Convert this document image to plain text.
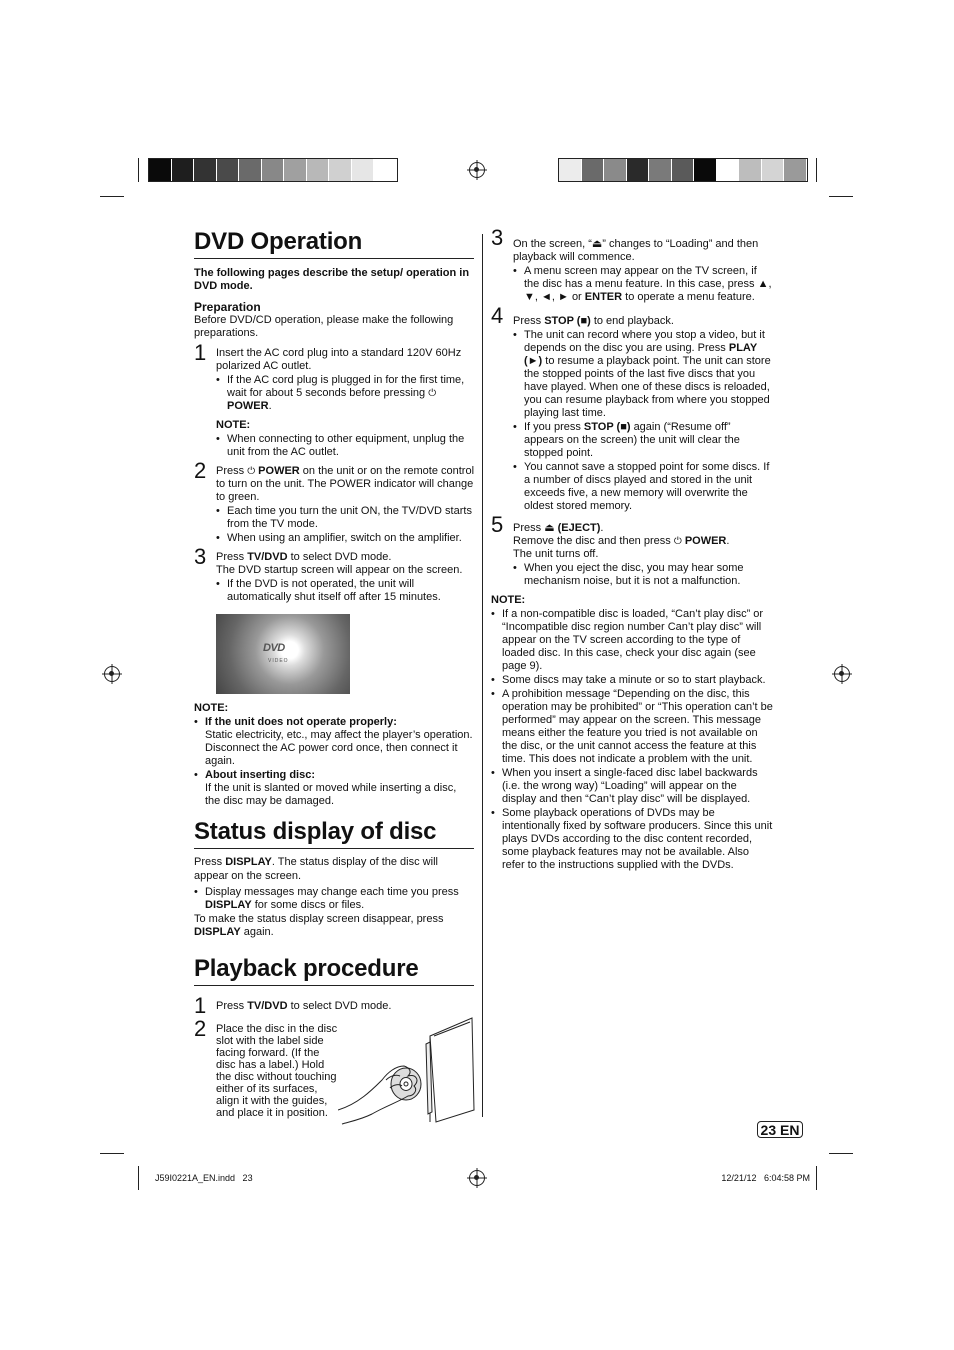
DVD Operation

The following pages describe the setup/ operation in DVD mode.

Preparation

Before DVD/CD operation, please make the following preparations.

1 Insert the AC cord plug into a standard 120V 60Hz polarized AC outlet.

• If the AC cord plug is plugged in for the first time, wait for about 5 seconds before pressing ⏻ POWER.

NOTE:

• When connecting to other equipment, unplug the unit from the AC outlet.
2 Press ⏻ POWER on the unit or on the remote control to turn on the unit. The POWER indicator will change to green.

• Each time you turn the unit ON, the TV/DVD starts from the TV mode.
• When using an amplifier, switch on the amplifier.
3 Press TV/DVD to select DVD mode.

The DVD startup screen will appear on the screen.

• If the DVD is not operated, the unit will automatically shut itself off after 15 minutes.
DVD
VIDEO

NOTE:

• If the unit does not operate properly:
Static electricity, etc., may affect the player’s operation. Disconnect the AC power cord once, then connect it again.
• About inserting disc:
If the unit is slanted or moved while inserting a disc, the disc may be damaged.
Status display of disc

Press DISPLAY. The status display of the disc will appear on the screen.

• Display messages may change each time you press DISPLAY for some discs or files.

To make the status display screen disappear, press DISPLAY again.

Playback procedure
1 Press TV/DVD to select DVD mode.

2 Place the disc in the disc slot with the label side facing forward. (If the disc has a label.) Hold the disc without touching either of its surfaces, align it with the guides, and place it in position.

3 On the screen, “⏏” changes to “Loading” and then playback will commence.

• A menu screen may appear on the TV screen, if the disc has a menu feature. In this case, press ▲, ▼, ◄, ► or ENTER to operate a menu feature.
4 Press STOP (■) to end playback.

• The unit can record where you stop a video, but it depends on the disc you are using. Press PLAY (►) to resume a playback point. The unit can store the stopped points of the last five discs that you have played. When one of these discs is reloaded, you can resume playback from where you stopped playing last time.
• If you press STOP (■) again (“Resume off” appears on the screen) the unit will clear the stopped point.
• You cannot save a stopped point for some discs. If a number of discs played and stored in the unit exceeds five, a new memory will overwrite the oldest stored memory.
5 Press ⏏ (EJECT).

Remove the disc and then press ⏻ POWER.

The unit turns off.

• When you eject the disc, you may hear some mechanism noise, but it is not a malfunction.

NOTE:

• If a non-compatible disc is loaded, “Can’t play disc” or “Incompatible disc region number Can’t play disc” will appear on the TV screen according to the type of loaded disc. In this case, check your disc again (see page 9).
• Some discs may take a minute or so to start playback.
• A prohibition message “Depending on the disc, this operation may be prohibited” or “This operation can’t be performed” may appear on the screen. This message means either the feature you tried is not available on the disc, or the unit cannot access the feature at this time. This does not indicate a problem with the unit.
• When you insert a single-faced disc label backwards (i.e. the wrong way) “Loading” will appear on the display and then “Can’t play disc” will be displayed.
• Some playback operations of DVDs may be intentionally fixed by software producers. Since this unit plays DVDs according to the disc content recorded, some playback features may not be available. Also refer to the instructions supplied with the DVDs.
23 EN
J59I0221A_EN.indd   23	12/21/12   6:04:58 PM
